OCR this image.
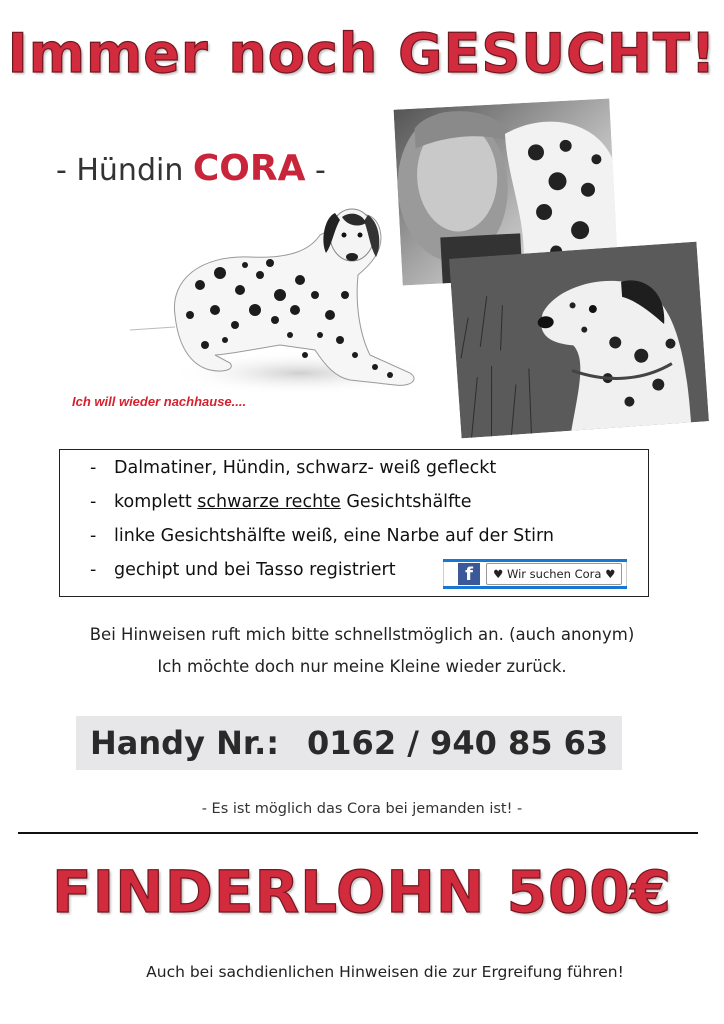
Immer noch GESUCHT!
- Hündin CORA -
Ich will wieder nachhause....
- Dalmatiner, Hündin, schwarz- weiß gefleckt
- komplett schwarze rechte Gesichtshälfte
- linke Gesichtshälfte weiß, eine Narbe auf der Stirn
- gechipt und bei Tasso registriert	f	♥ Wir suchen Cora ♥
Bei Hinweisen ruft mich bitte schnellstmöglich an. (auch anonym)
Ich möchte doch nur meine Kleine wieder zurück.
Handy Nr.: 0162 / 940 85 63
- Es ist möglich das Cora bei jemanden ist! -
FINDERLOHN 500€
Auch bei sachdienlichen Hinweisen die zur Ergreifung führen!
